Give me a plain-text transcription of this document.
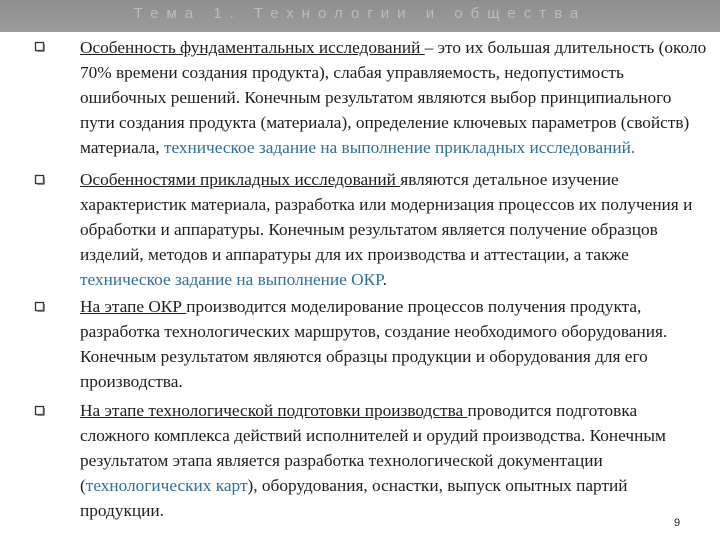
Тема 1. Технологии и общества
Особенность фундаментальных исследований – это их большая длительность (около
70% времени создания продукта), слабая управляемость, недопустимость
ошибочных решений. Конечным результатом являются выбор принципиального
пути создания продукта (материала), определение ключевых параметров (свойств)
материала, техническое задание на выполнение прикладных исследований.
Особенностями прикладных исследований являются детальное изучение
характеристик материала, разработка или модернизация процессов их получения и
обработки и аппаратуры. Конечным результатом является получение образцов
изделий, методов и аппаратуры для их производства и аттестации, а также
техническое задание на выполнение ОКР.
На этапе ОКР производится моделирование процессов получения продукта,
разработка технологических маршрутов, создание необходимого оборудования.
Конечным результатом являются образцы продукции и оборудования для его
производства.
На этапе технологической подготовки производства проводится подготовка
сложного комплекса действий исполнителей и орудий производства. Конечным
результатом этапа является разработка технологической документации
(технологических карт), оборудования, оснастки, выпуск опытных партий
продукции.
9
